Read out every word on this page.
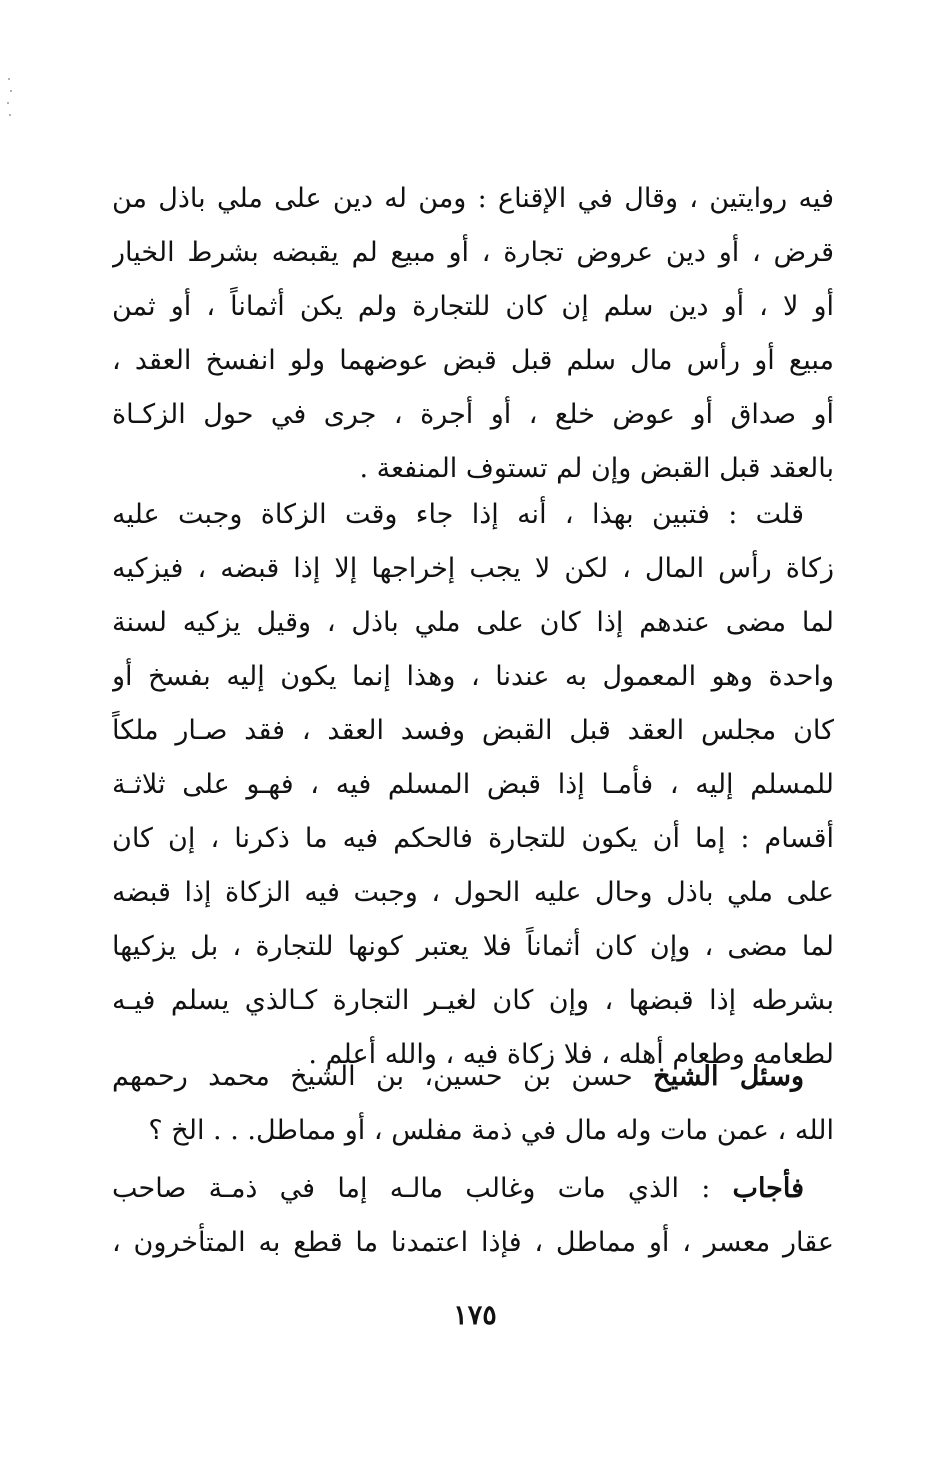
فيه روايتين ، وقال في الإقناع : ومن له دين على ملي باذل من
قرض ، أو دين عروض تجارة ، أو مبيع لم يقبضه بشرط الخيار
أو لا ، أو دين سلم إن كان للتجارة ولم يكن أثماناً ، أو ثمن
مبيع أو رأس مال سلم قبل قبض عوضهما ولو انفسخ العقد ،
أو صداق أو عوض خلع ، أو أجرة ، جرى في حول الزكـاة
بالعقد قبل القبض وإن لم تستوف المنفعة .
قلت : فتبين بهذا ، أنه إذا جاء وقت الزكاة وجبت عليه
زكاة رأس المال ، لكن لا يجب إخراجها إلا إذا قبضه ، فيزكيه
لما مضى عندهم إذا كان على ملي باذل ، وقيل يزكيه لسنة
واحدة وهو المعمول به عندنا ، وهذا إنما يكون إليه بفسخ أو
كان مجلس العقد قبل القبض وفسد العقد ، فقد صـار ملكاً
للمسلم إليه ، فأمـا إذا قبض المسلم فيه ، فهـو على ثلاثـة
أقسام : إما أن يكون للتجارة فالحكم فيه ما ذكرنا ، إن كان
على ملي باذل وحال عليه الحول ، وجبت فيه الزكاة إذا قبضه
لما مضى ، وإن كان أثماناً فلا يعتبر كونها للتجارة ، بل يزكيها
بشرطه إذا قبضها ، وإن كان لغيـر التجارة كـالذي يسلم فيـه
لطعامه وطعام أهله ، فلا زكاة فيه ، والله أعلم .
وسئل الشيخ حسن بن حسين، بن الشيخ محمد رحمهم
الله ، عمن مات وله مال في ذمة مفلس ، أو مماطل. . . الخ ؟
فأجاب : الذي مات وغالب مالـه إما في ذمـة صاحب
عقار معسر ، أو مماطل ، فإذا اعتمدنا ما قطع به المتأخرون ،
١٧٥
